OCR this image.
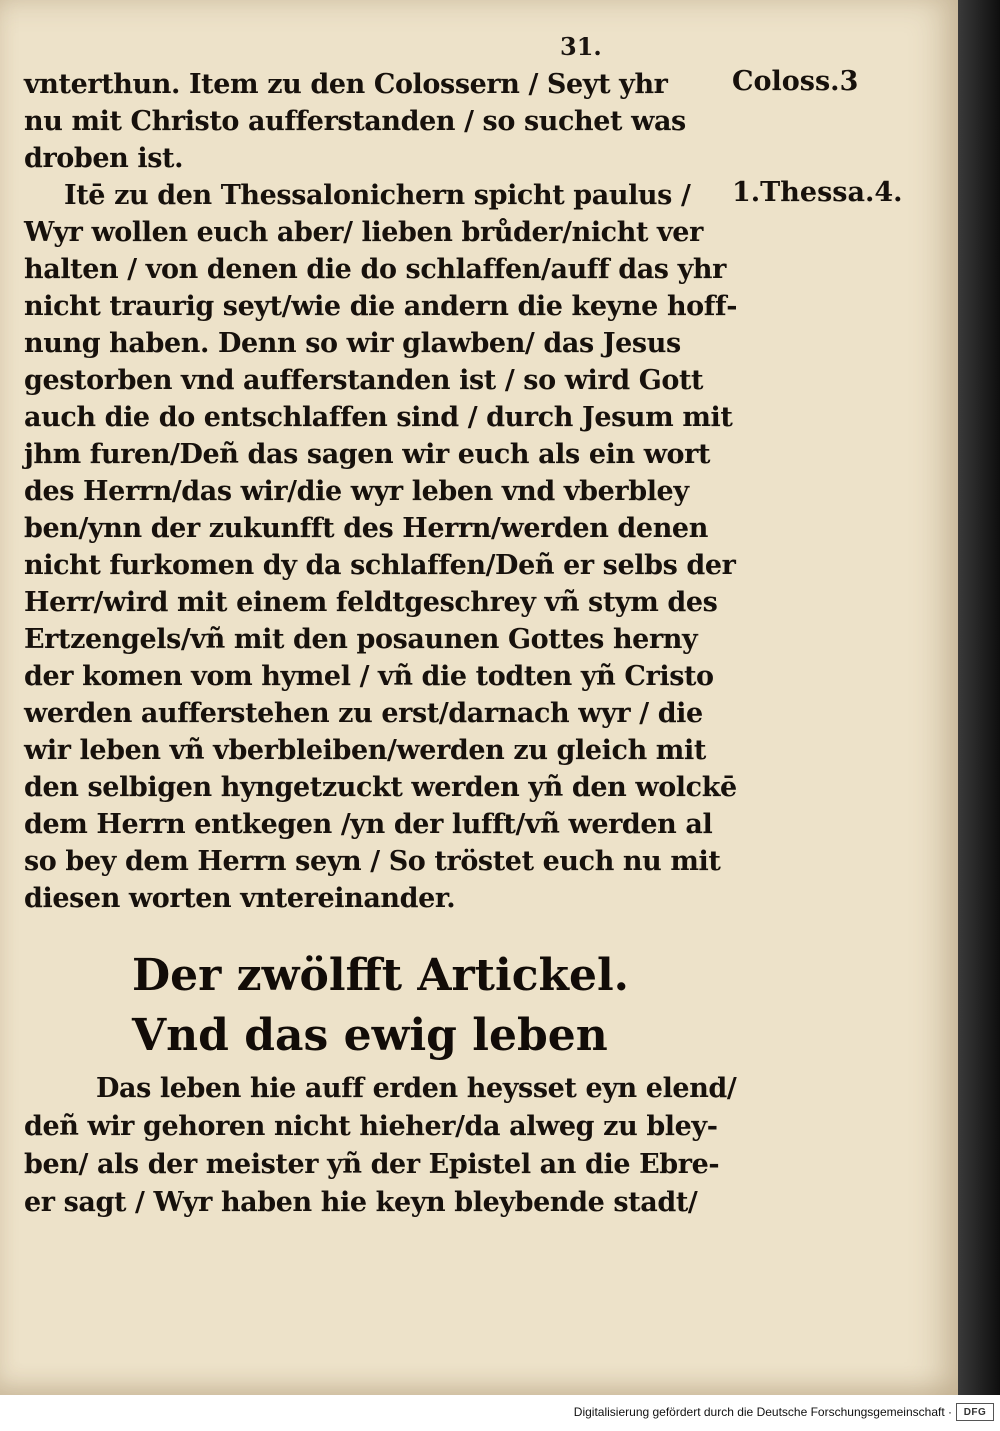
31.
Coloss.3
1.Thessa.4.
vnterthun. Item zu den Colossern / Seyt yhr
nu mit Christo aufferstanden / so suchet was
droben ist.
Itē zu den Thessalonichern spicht paulus /
Wyr wollen euch aber/ lieben brůder/nicht ver
halten / von denen die do schlaffen/auff das yhr
nicht traurig seyt/wie die andern die keyne hoff‑
nung haben. Denn so wir glawben/ das Jesus
gestorben vnd aufferstanden ist / so wird Gott
auch die do entschlaffen sind / durch Jesum mit
jhm furen/Deñ das sagen wir euch als ein wort
des Herrn/das wir/die wyr leben vnd vberbley
ben/ynn der zukunfft des Herrn/werden denen
nicht furkomen dy da schlaffen/Deñ er selbs der
Herr/wird mit einem feldtgeschrey vñ stym des
Ertzengels/vñ mit den posaunen Gottes herny
der komen vom hymel / vñ die todten yñ Cristo
werden aufferstehen zu erst/darnach wyr / die
wir leben vñ vberbleiben/werden zu gleich mit
den selbigen hyngetzuckt werden yñ den wolckē
dem Herrn entkegen /yn der lufft/vñ werden al
so bey dem Herrn seyn / So tröstet euch nu mit
diesen worten vntereinander.
Der zwölfft Artickel.
Vnd das ewig leben
Das leben hie auff erden heysset eyn elend/
deñ wir gehoren nicht hieher/da alweg zu bley‑
ben/ als der meister yñ der Epistel an die Ebre‑
er sagt / Wyr haben hie keyn bleybende stadt/
Digitalisierung gefördert durch die Deutsche Forschungsgemeinschaft ·	DFG
